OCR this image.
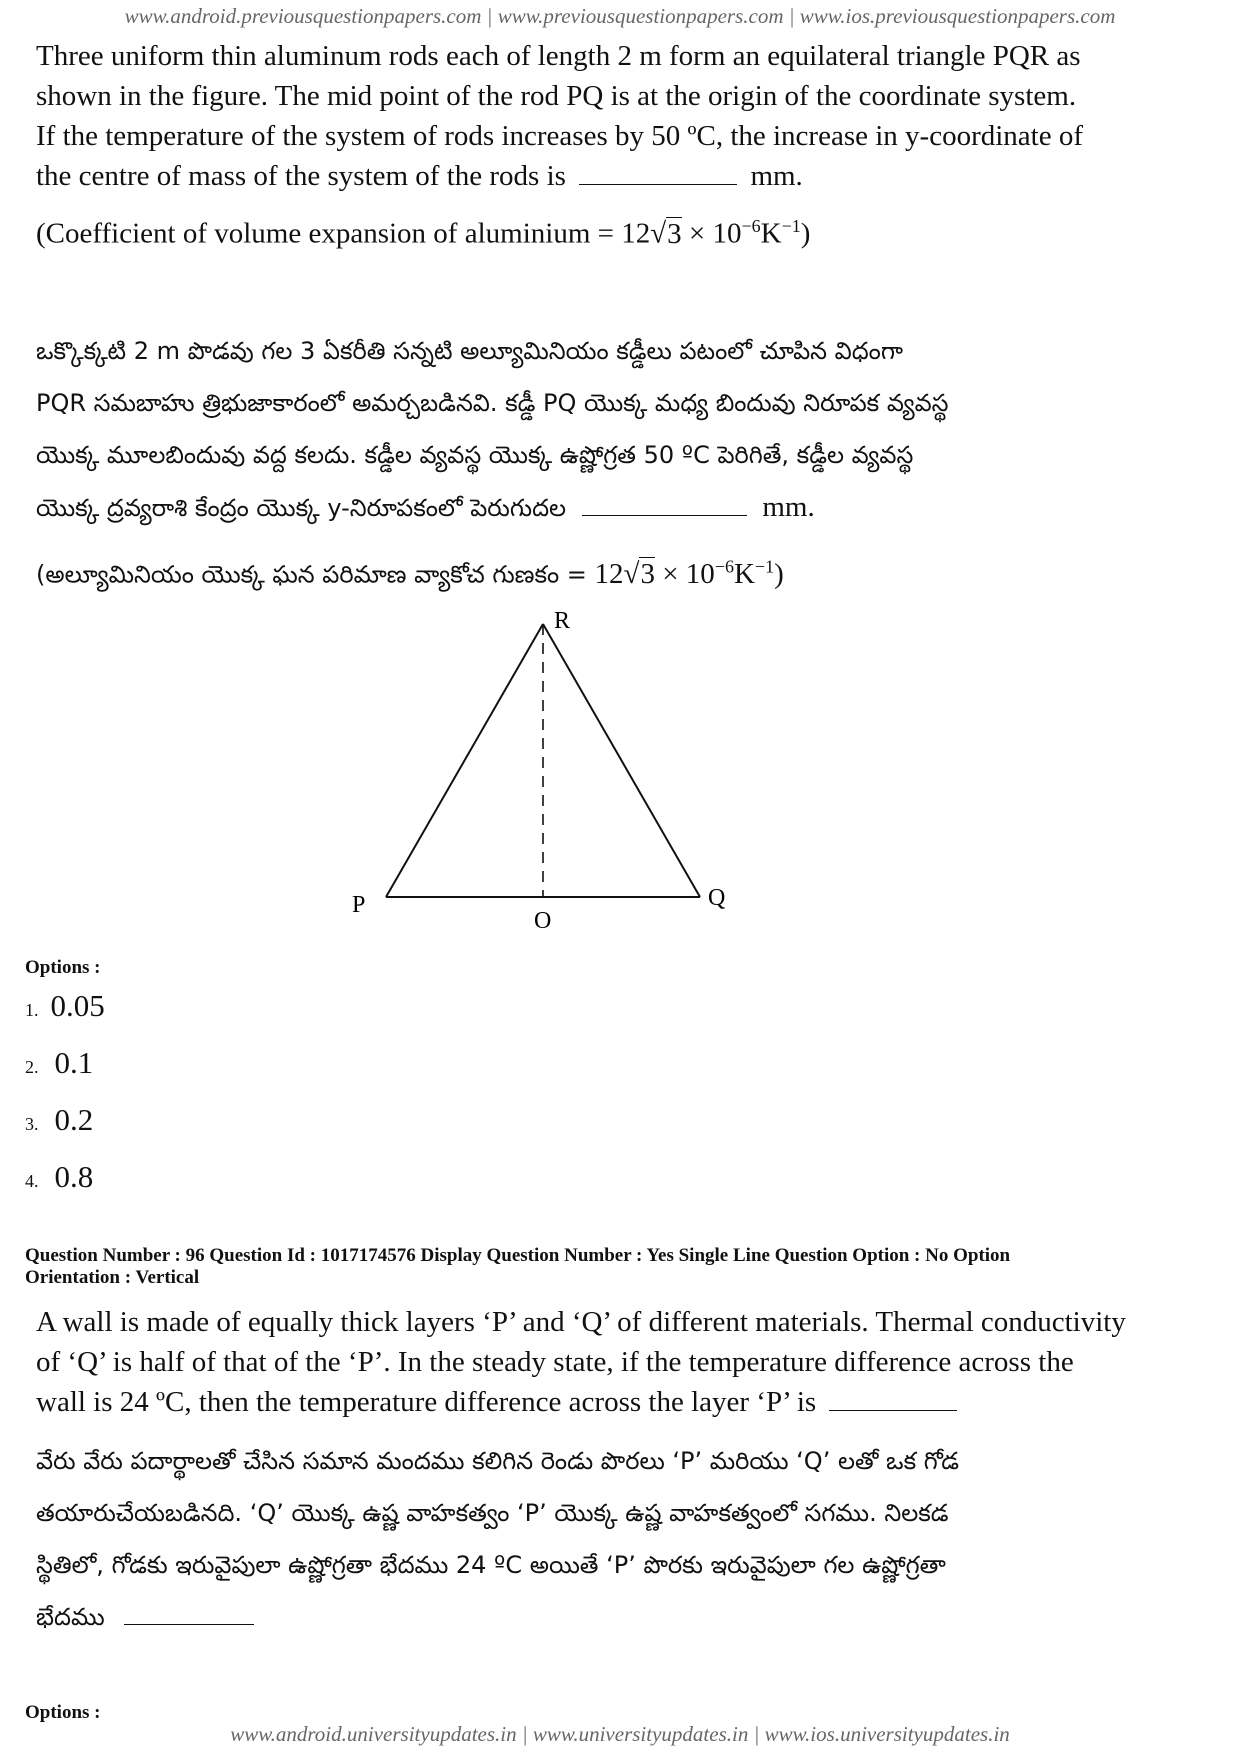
www.android.previousquestionpapers.com | www.previousquestionpapers.com | www.ios.previousquestionpapers.com
Three uniform thin aluminum rods each of length 2 m form an equilateral triangle PQR as
shown in the figure. The mid point of the rod PQ is at the origin of the coordinate system.
If the temperature of the system of rods increases by 50 ºC, the increase in y-coordinate of
the centre of mass of the system of the rods is	mm.
(Coefficient of volume expansion of aluminium = $12√3 \times 10^{-6}K^{-1}$)
ఒక్కొక్కటి 2 m పొడవు గల 3 ఏకరీతి సన్నటి అల్యూమినియం కడ్డీలు పటంలో చూపిన విధంగా
PQR సమబాహు త్రిభుజాకారంలో అమర్చబడినవి. కడ్డీ PQ యొక్క మధ్య బిందువు నిరూపక వ్యవస్థ
యొక్క మూలబిందువు వద్ద కలదు. కడ్డీల వ్యవస్థ యొక్క ఉష్ణోగ్రత 50 ºC పెరిగితే, కడ్డీల వ్యవస్థ
యొక్క ద్రవ్యరాశి కేంద్రం యొక్క y-నిరూపకంలో పెరుగుదల	mm.
(అల్యూమినియం యొక్క ఘన పరిమాణ వ్యాకోచ గుణకం = $12√3 \times 10^{-6}K^{-1}$)
R
P	Q
O
Options :
1. 0.05
2. 0.1
3. 0.2
4. 0.8
Question Number : 96 Question Id : 1017174576 Display Question Number : Yes Single Line Question Option : No Option
Orientation : Vertical
A wall is made of equally thick layers ‘P’ and ‘Q’ of different materials. Thermal conductivity
of ‘Q’ is half of that of the ‘P’. In the steady state, if the temperature difference across the
wall is 24 ºC, then the temperature difference across the layer ‘P’ is
వేరు వేరు పదార్థాలతో చేసిన సమాన మందము కలిగిన రెండు పొరలు ‘P’ మరియు ‘Q’ లతో ఒక గోడ
తయారుచేయబడినది. ‘Q’ యొక్క ఉష్ణ వాహకత్వం ‘P’ యొక్క ఉష్ణ వాహకత్వంలో సగము. నిలకడ
స్థితిలో, గోడకు ఇరువైపులా ఉష్ణోగ్రతా భేదము 24 ºC అయితే ‘P’ పొరకు ఇరువైపులా గల ఉష్ణోగ్రతా
భేదము
Options :
www.android.universityupdates.in | www.universityupdates.in | www.ios.universityupdates.in
